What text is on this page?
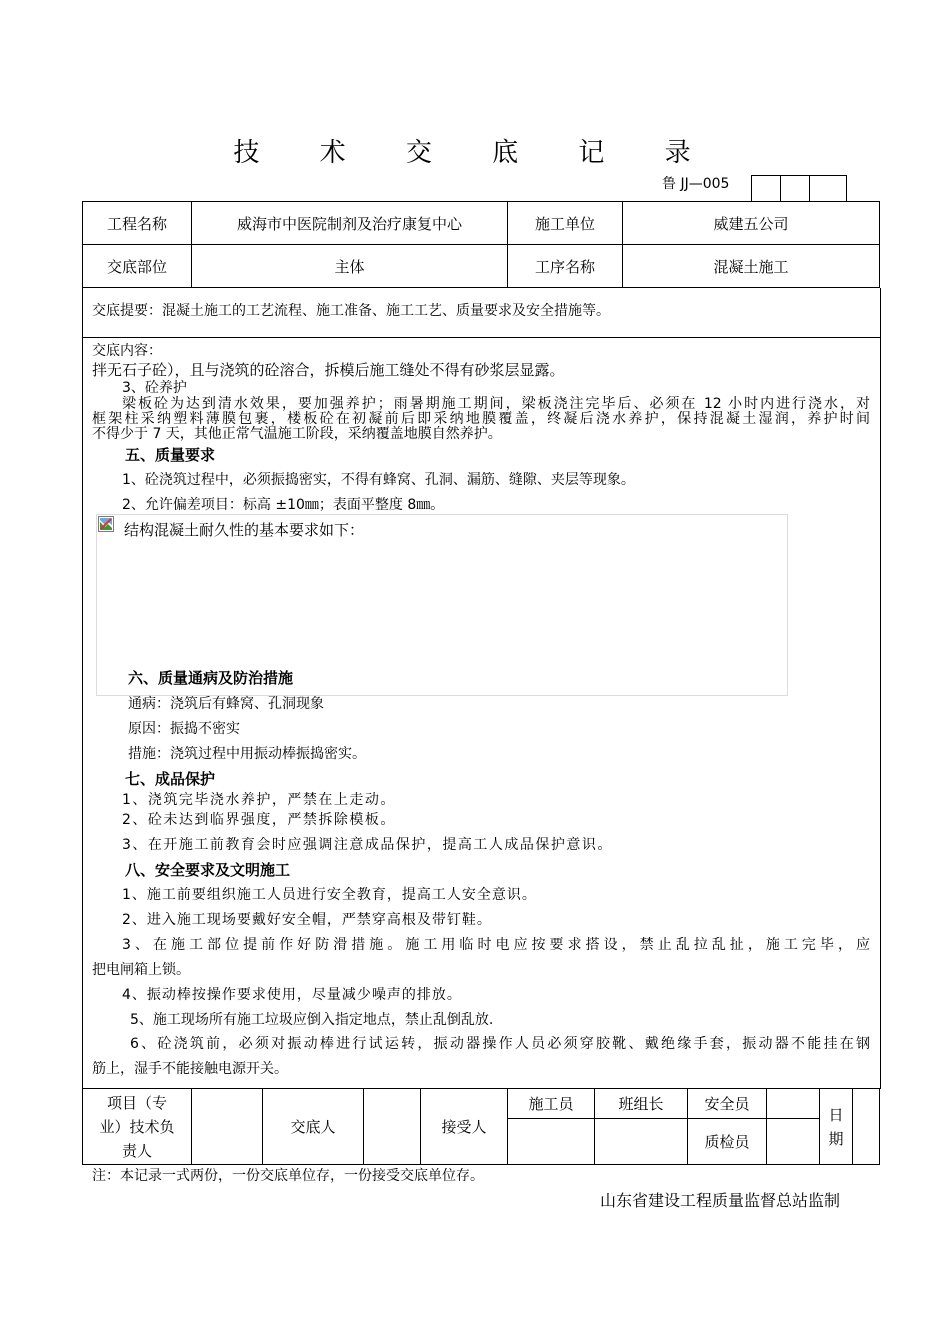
技 术 交 底 记 录
鲁 JJ—005
工程名称	威海市中医院制剂及治疗康复中心	施工单位	威建五公司
交底部位	主体	工序名称	混凝土施工
交底提要：混凝土施工的工艺流程、施工准备、施工工艺、质量要求及安全措施等。
交底内容：
拌无石子砼），且与浇筑的砼溶合，拆模后施工缝处不得有砂浆层显露。
3、砼养护
梁板砼为达到清水效果，要加强养护；雨暑期施工期间，梁板浇注完毕后、必须在 12 小时内进行浇水，对
框架柱采纳塑料薄膜包裹，楼板砼在初凝前后即采纳地膜覆盖，终凝后浇水养护，保持混凝土湿润，养护时间
不得少于 7 天，其他正常气温施工阶段，采纳覆盖地膜自然养护。
五、质量要求
1、砼浇筑过程中，必须振捣密实，不得有蜂窝、孔洞、漏筋、缝隙、夹层等现象。
2、允许偏差项目：标高 ±10㎜；表面平整度 8㎜。
结构混凝土耐久性的基本要求如下：
六、质量通病及防治措施
通病：浇筑后有蜂窝、孔洞现象
原因：振捣不密实
措施：浇筑过程中用振动棒振捣密实。
七、成品保护
1、浇筑完毕浇水养护，严禁在上走动。
2、砼未达到临界强度，严禁拆除模板。
3、在开施工前教育会时应强调注意成品保护，提高工人成品保护意识。
八、安全要求及文明施工
1、施工前要组织施工人员进行安全教育，提高工人安全意识。
2、进入施工现场要戴好安全帽，严禁穿高根及带钉鞋。
3、在施工部位提前作好防滑措施。施工用临时电应按要求搭设，禁止乱拉乱扯，施工完毕，应
把电闸箱上锁。
4、振动棒按操作要求使用，尽量减少噪声的排放。
5、施工现场所有施工垃圾应倒入指定地点，禁止乱倒乱放.
6、砼浇筑前，必须对振动棒进行试运转，振动器操作人员必须穿胶靴、戴绝缘手套，振动器不能挂在钢
筋上，湿手不能接触电源开关。
项目（专
业）技术负
责人		交底人		接受人	施工员	班组长	安全员		日
期	
							质检员			
注：本记录一式两份，一份交底单位存，一份接受交底单位存。
山东省建设工程质量监督总站监制
